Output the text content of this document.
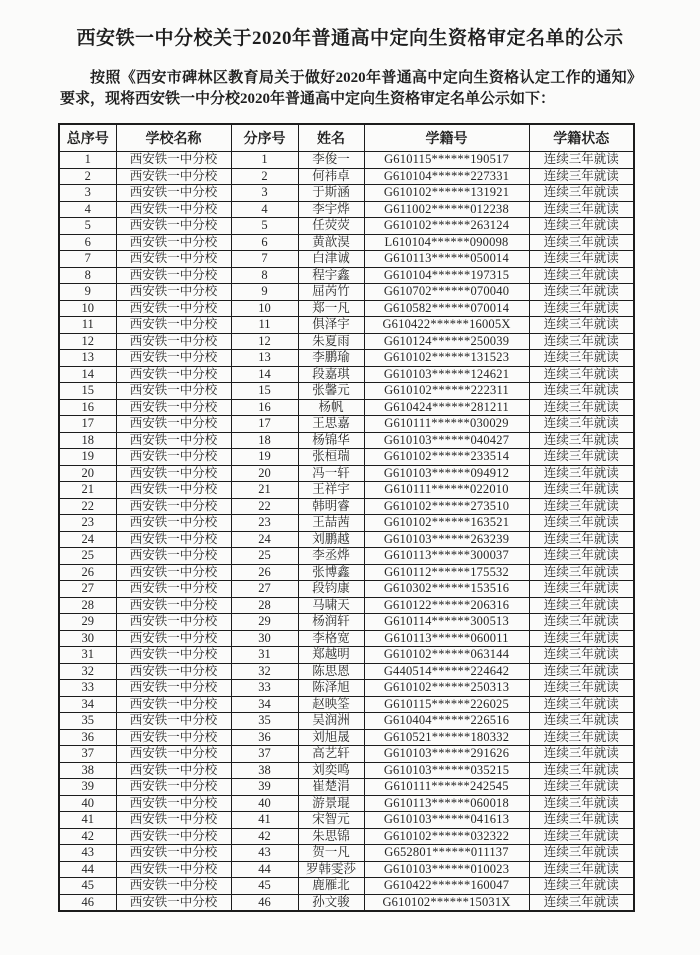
西安铁一中分校关于2020年普通高中定向生资格审定名单的公示

按照《西安市碑林区教育局关于做好2020年普通高中定向生资格认定工作的通知》要求，现将西安铁一中分校2020年普通高中定向生资格审定名单公示如下：

总序号	学校名称	分序号	姓名	学籍号	学籍状态
1	西安铁一中分校	1	李俊一	G610115******190517	连续三年就读
2	西安铁一中分校	2	何祎卓	G610104******227331	连续三年就读
3	西安铁一中分校	3	于斯涵	G610102******131921	连续三年就读
4	西安铁一中分校	4	李宇烨	G611002******012238	连续三年就读
5	西安铁一中分校	5	任荧荧	G610102******263124	连续三年就读
6	西安铁一中分校	6	黄歆淏	L610104******090098	连续三年就读
7	西安铁一中分校	7	白津诚	G610113******050014	连续三年就读
8	西安铁一中分校	8	程宇鑫	G610104******197315	连续三年就读
9	西安铁一中分校	9	屈芮竹	G610702******070040	连续三年就读
10	西安铁一中分校	10	郑一凡	G610582******070014	连续三年就读
11	西安铁一中分校	11	俱泽宇	G610422******16005X	连续三年就读
12	西安铁一中分校	12	朱夏雨	G610124******250039	连续三年就读
13	西安铁一中分校	13	李鹏瑜	G610102******131523	连续三年就读
14	西安铁一中分校	14	段嘉琪	G610103******124621	连续三年就读
15	西安铁一中分校	15	张馨元	G610102******222311	连续三年就读
16	西安铁一中分校	16	杨帆	G610424******281211	连续三年就读
17	西安铁一中分校	17	王思嘉	G610111******030029	连续三年就读
18	西安铁一中分校	18	杨锦华	G610103******040427	连续三年就读
19	西安铁一中分校	19	张桓瑞	G610102******233514	连续三年就读
20	西安铁一中分校	20	冯一轩	G610103******094912	连续三年就读
21	西安铁一中分校	21	王祥宇	G610111******022010	连续三年就读
22	西安铁一中分校	22	韩明睿	G610102******273510	连续三年就读
23	西安铁一中分校	23	王喆茜	G610102******163521	连续三年就读
24	西安铁一中分校	24	刘鹏越	G610103******263239	连续三年就读
25	西安铁一中分校	25	李丞烨	G610113******300037	连续三年就读
26	西安铁一中分校	26	张博鑫	G610112******175532	连续三年就读
27	西安铁一中分校	27	段钧康	G610302******153516	连续三年就读
28	西安铁一中分校	28	马啸天	G610122******206316	连续三年就读
29	西安铁一中分校	29	杨润轩	G610114******300513	连续三年就读
30	西安铁一中分校	30	李格宽	G610113******060011	连续三年就读
31	西安铁一中分校	31	郑越明	G610102******063144	连续三年就读
32	西安铁一中分校	32	陈思恩	G440514******224642	连续三年就读
33	西安铁一中分校	33	陈泽旭	G610102******250313	连续三年就读
34	西安铁一中分校	34	赵映筌	G610115******226025	连续三年就读
35	西安铁一中分校	35	吴润洲	G610404******226516	连续三年就读
36	西安铁一中分校	36	刘旭晟	G610521******180332	连续三年就读
37	西安铁一中分校	37	高艺轩	G610103******291626	连续三年就读
38	西安铁一中分校	38	刘奕鸣	G610103******035215	连续三年就读
39	西安铁一中分校	39	崔楚涓	G610111******242545	连续三年就读
40	西安铁一中分校	40	游景琨	G610113******060018	连续三年就读
41	西安铁一中分校	41	宋智元	G610103******041613	连续三年就读
42	西安铁一中分校	42	朱思锦	G610102******032322	连续三年就读
43	西安铁一中分校	43	贺一凡	G652801******011137	连续三年就读
44	西安铁一中分校	44	罗韩雯莎	G610103******010023	连续三年就读
45	西安铁一中分校	45	鹿雁北	G610422******160047	连续三年就读
46	西安铁一中分校	46	孙文骏	G610102******15031X	连续三年就读
